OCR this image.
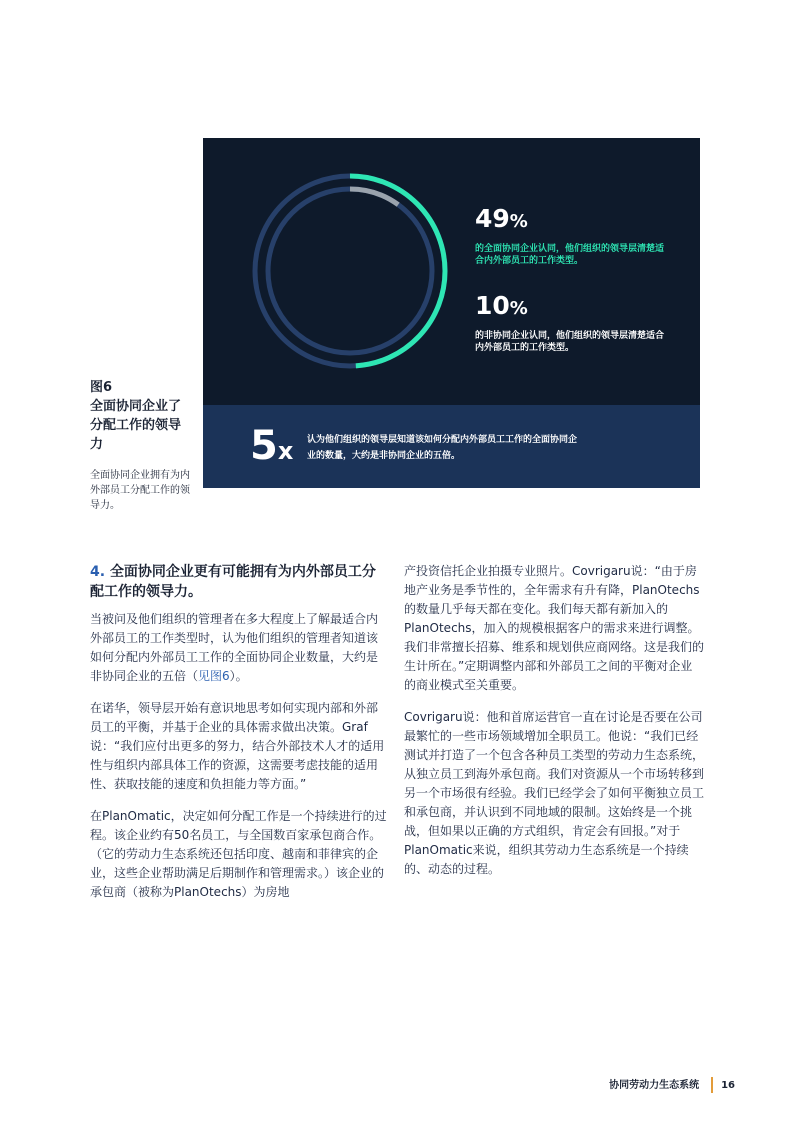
图6
全面协同企业了分配工作的领导力
全面协同企业拥有为内外部员工分配工作的领导力。
49%
的全面协同企业认同，他们组织的领导层清楚适合内外部员工的工作类型。
10%
的非协同企业认同，他们组织的领导层清楚适合内外部员工的工作类型。
5x 认为他们组织的领导层知道该如何分配内外部员工工作的全面协同企业的数量，大约是非协同企业的五倍。
4. 全面协同企业更有可能拥有为内外部员工分配工作的领导力。

当被问及他们组织的管理者在多大程度上了解最适合内外部员工的工作类型时，认为他们组织的管理者知道该如何分配内外部员工工作的全面协同企业数量，大约是非协同企业的五倍（见图6）。

在诺华，领导层开始有意识地思考如何实现内部和外部员工的平衡，并基于企业的具体需求做出决策。Graf说：“我们应付出更多的努力，结合外部技术人才的适用性与组织内部具体工作的资源，这需要考虑技能的适用性、获取技能的速度和负担能力等方面。”

在PlanOmatic，决定如何分配工作是一个持续进行的过程。该企业约有50名员工，与全国数百家承包商合作。（它的劳动力生态系统还包括印度、越南和菲律宾的企业，这些企业帮助满足后期制作和管理需求。）该企业的承包商（被称为PlanOtechs）为房地

产投资信托企业拍摄专业照片。Covrigaru说：“由于房地产业务是季节性的，全年需求有升有降，PlanOtechs的数量几乎每天都在变化。我们每天都有新加入的PlanOtechs，加入的规模根据客户的需求来进行调整。我们非常擅长招募、维系和规划供应商网络。这是我们的生计所在。”定期调整内部和外部员工之间的平衡对企业的商业模式至关重要。

Covrigaru说：他和首席运营官一直在讨论是否要在公司最繁忙的一些市场领域增加全职员工。他说：“我们已经测试并打造了一个包含各种员工类型的劳动力生态系统，从独立员工到海外承包商。我们对资源从一个市场转移到另一个市场很有经验。我们已经学会了如何平衡独立员工和承包商，并认识到不同地域的限制。这始终是一个挑战，但如果以正确的方式组织，肯定会有回报。”对于PlanOmatic来说，组织其劳动力生态系统是一个持续的、动态的过程。

协同劳动力生态系统 16
